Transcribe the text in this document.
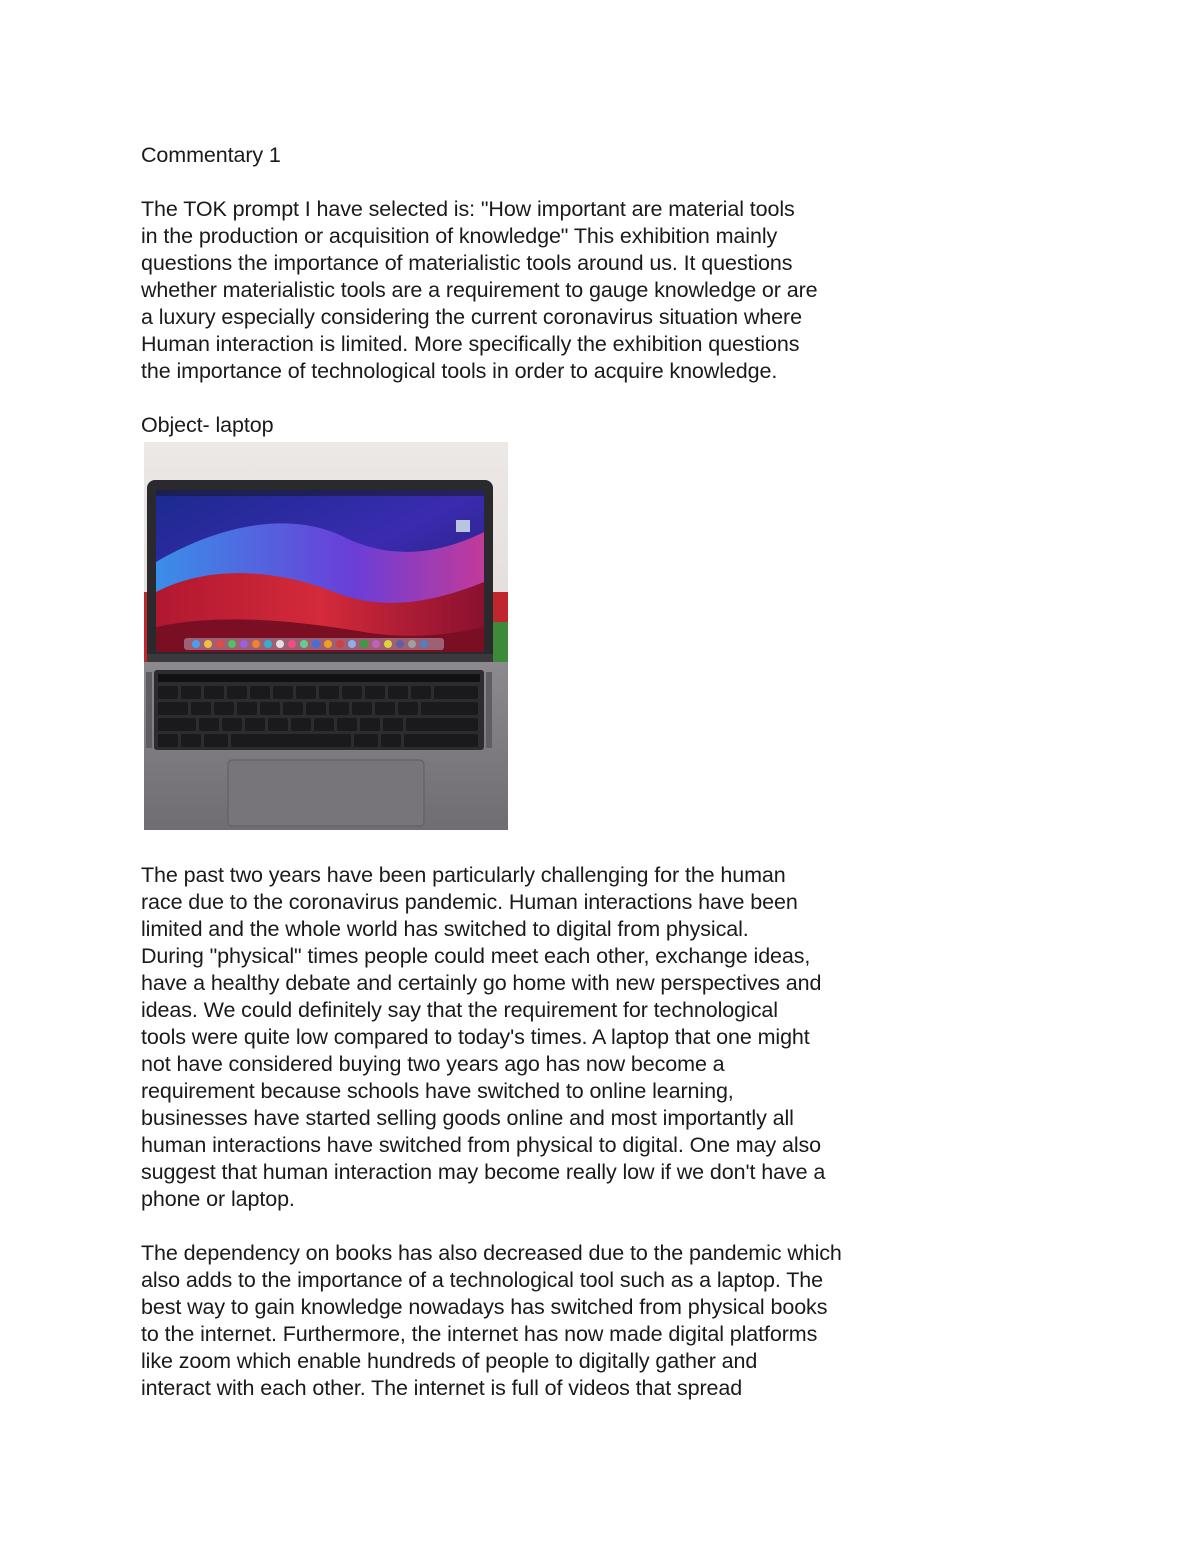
Commentary 1
The TOK prompt I have selected is: "How important are material tools
in the production or acquisition of knowledge" This exhibition mainly
questions the importance of materialistic tools around us. It questions
whether materialistic tools are a requirement to gauge knowledge or are
a luxury especially considering the current coronavirus situation where
Human interaction is limited. More specifically the exhibition questions
the importance of technological tools in order to acquire knowledge.
Object- laptop
The past two years have been particularly challenging for the human
race due to the coronavirus pandemic. Human interactions have been
limited and the whole world has switched to digital from physical.
During "physical" times people could meet each other, exchange ideas,
have a healthy debate and certainly go home with new perspectives and
ideas. We could definitely say that the requirement for technological
tools were quite low compared to today's times. A laptop that one might
not have considered buying two years ago has now become a
requirement because schools have switched to online learning,
businesses have started selling goods online and most importantly all
human interactions have switched from physical to digital. One may also
suggest that human interaction may become really low if we don't have a
phone or laptop.
The dependency on books has also decreased due to the pandemic which
also adds to the importance of a technological tool such as a laptop. The
best way to gain knowledge nowadays has switched from physical books
to the internet. Furthermore, the internet has now made digital platforms
like zoom which enable hundreds of people to digitally gather and
interact with each other. The internet is full of videos that spread
